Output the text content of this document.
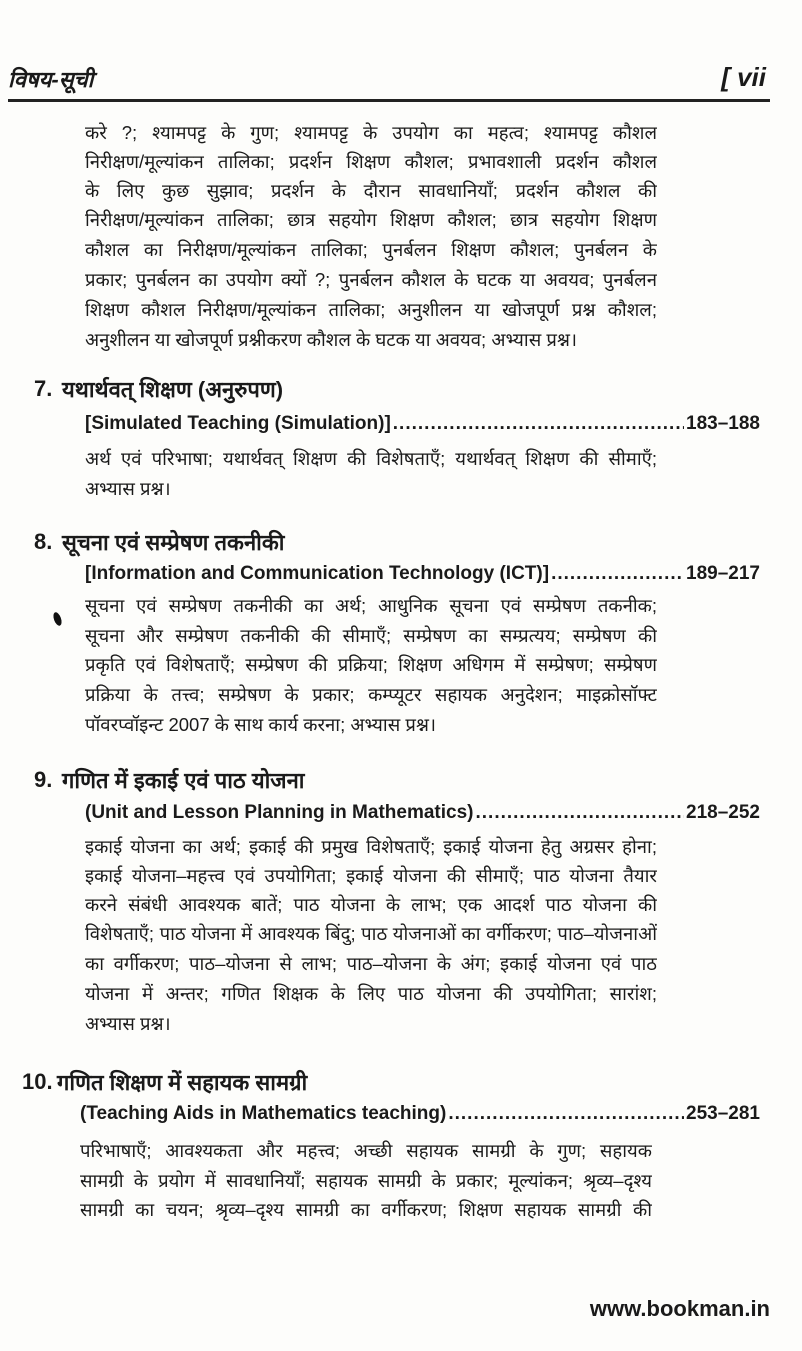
विषय-सूची	[ vii
करे ?; श्यामपट्ट के गुण; श्यामपट्ट के उपयोग का महत्व; श्यामपट्ट कौशल
निरीक्षण/मूल्यांकन तालिका; प्रदर्शन शिक्षण कौशल; प्रभावशाली प्रदर्शन कौशल
के लिए कुछ सुझाव; प्रदर्शन के दौरान सावधानियाँ; प्रदर्शन कौशल की
निरीक्षण/मूल्यांकन तालिका; छात्र सहयोग शिक्षण कौशल; छात्र सहयोग शिक्षण
कौशल का निरीक्षण/मूल्यांकन तालिका; पुनर्बलन शिक्षण कौशल; पुनर्बलन के
प्रकार; पुनर्बलन का उपयोग क्यों ?; पुनर्बलन कौशल के घटक या अवयव; पुनर्बलन
शिक्षण कौशल निरीक्षण/मूल्यांकन तालिका; अनुशीलन या खोजपूर्ण प्रश्न कौशल;
अनुशीलन या खोजपूर्ण प्रश्नीकरण कौशल के घटक या अवयव; अभ्यास प्रश्न।
7. यथार्थवत् शिक्षण (अनुरुपण)
[Simulated Teaching (Simulation)] .....	183–188
अर्थ एवं परिभाषा; यथार्थवत् शिक्षण की विशेषताएँ; यथार्थवत् शिक्षण की सीमाएँ;
अभ्यास प्रश्न।
8. सूचना एवं सम्प्रेषण तकनीकी
[Information and Communication Technology (ICT)] .....	189–217
सूचना एवं सम्प्रेषण तकनीकी का अर्थ; आधुनिक सूचना एवं सम्प्रेषण तकनीक;
सूचना और सम्प्रेषण तकनीकी की सीमाएँ; सम्प्रेषण का सम्प्रत्यय; सम्प्रेषण की
प्रकृति एवं विशेषताएँ; सम्प्रेषण की प्रक्रिया; शिक्षण अधिगम में सम्प्रेषण; सम्प्रेषण
प्रक्रिया के तत्त्व; सम्प्रेषण के प्रकार; कम्प्यूटर सहायक अनुदेशन; माइक्रोसॉफ्ट
पॉवरप्वॉइन्ट 2007 के साथ कार्य करना; अभ्यास प्रश्न।
9. गणित में इकाई एवं पाठ योजना
(Unit and Lesson Planning in Mathematics) .....	218–252
इकाई योजना का अर्थ; इकाई की प्रमुख विशेषताएँ; इकाई योजना हेतु अग्रसर होना;
इकाई योजना–महत्त्व एवं उपयोगिता; इकाई योजना की सीमाएँ; पाठ योजना तैयार
करने संबंधी आवश्यक बातें; पाठ योजना के लाभ; एक आदर्श पाठ योजना की
विशेषताएँ; पाठ योजना में आवश्यक बिंदु; पाठ योजनाओं का वर्गीकरण; पाठ–योजनाओं
का वर्गीकरण; पाठ–योजना से लाभ; पाठ–योजना के अंग; इकाई योजना एवं पाठ
योजना में अन्तर; गणित शिक्षक के लिए पाठ योजना की उपयोगिता; सारांश;
अभ्यास प्रश्न।
10. गणित शिक्षण में सहायक सामग्री
(Teaching Aids in Mathematics teaching) .....	253–281
परिभाषाएँ; आवश्यकता और महत्त्व; अच्छी सहायक सामग्री के गुण; सहायक
सामग्री के प्रयोग में सावधानियाँ; सहायक सामग्री के प्रकार; मूल्यांकन; श्रृव्य–दृश्य
सामग्री का चयन; श्रृव्य–दृश्य सामग्री का वर्गीकरण; शिक्षण सहायक सामग्री की
www.bookman.in
